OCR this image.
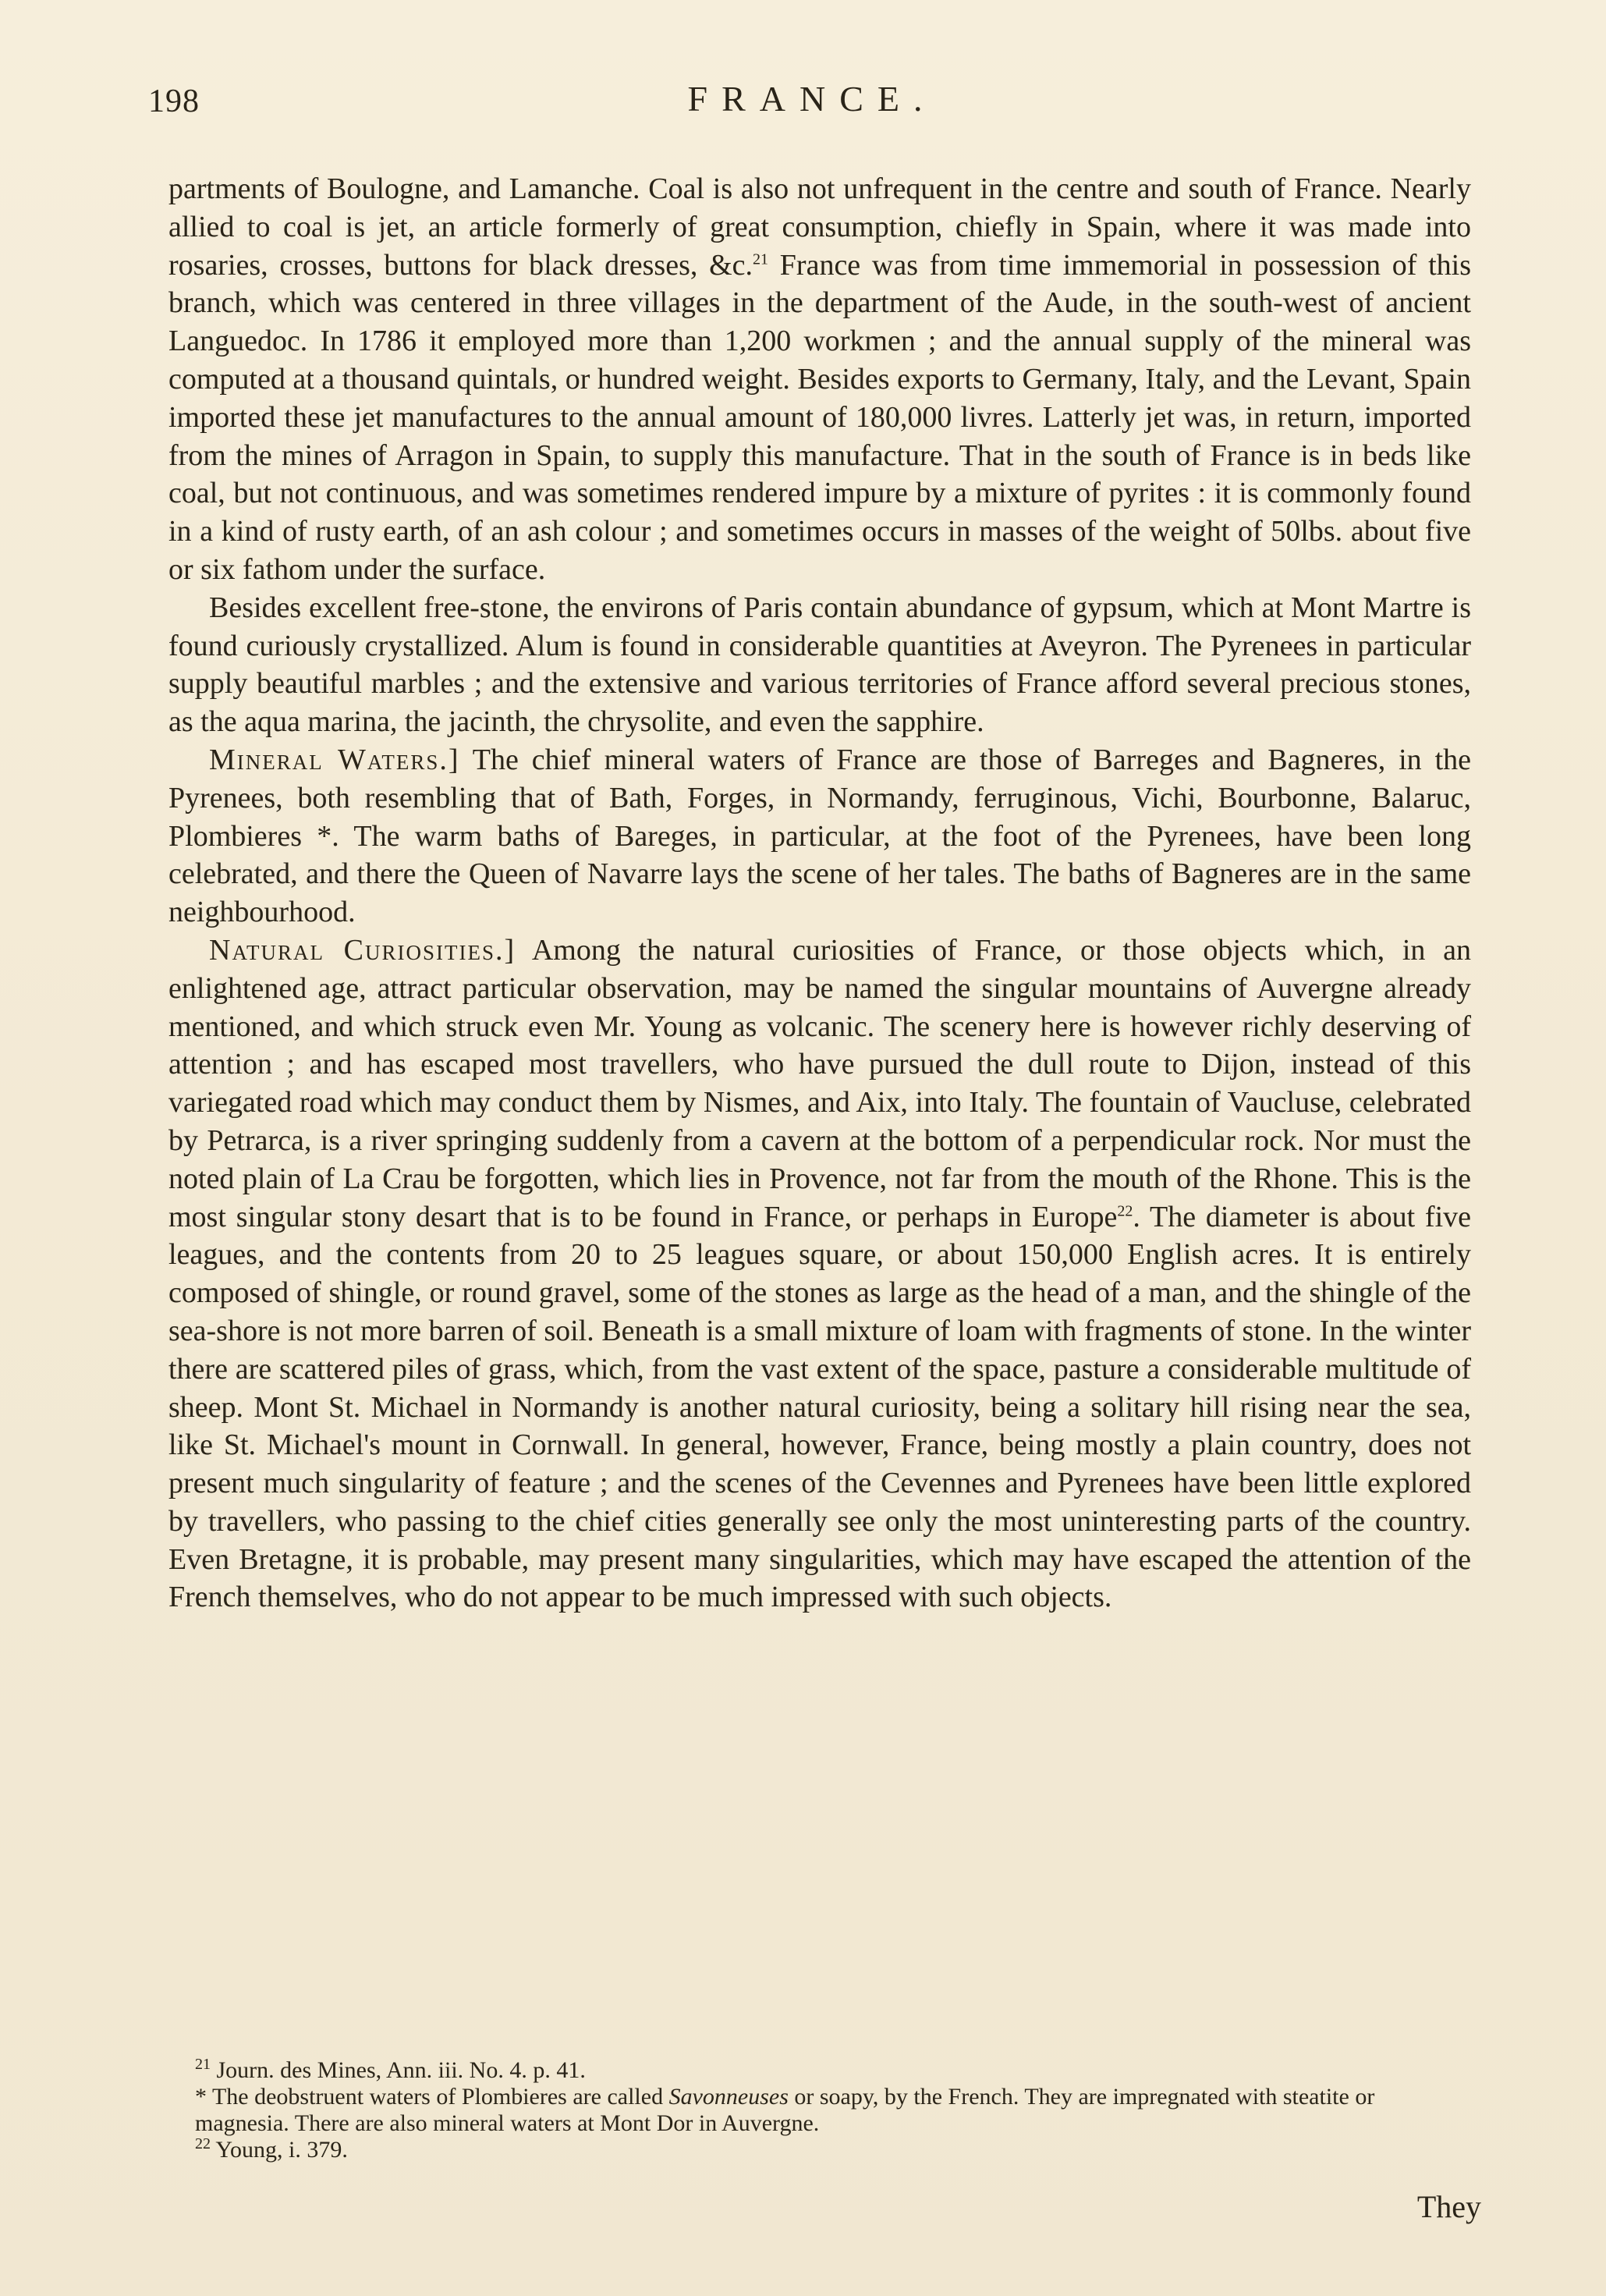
198	FRANCE.

partments of Boulogne, and Lamanche. Coal is also not unfrequent in the centre and south of France. Nearly allied to coal is jet, an article formerly of great consumption, chiefly in Spain, where it was made into rosaries, crosses, buttons for black dresses, &c.$^{21}$ France was from time immemorial in possession of this branch, which was centered in three villages in the department of the Aude, in the south-west of ancient Languedoc. In 1786 it employed more than 1,200 workmen ; and the annual supply of the mineral was computed at a thousand quintals, or hundred weight. Besides exports to Germany, Italy, and the Levant, Spain imported these jet manufactures to the annual amount of 180,000 livres. Latterly jet was, in return, imported from the mines of Arragon in Spain, to supply this manufacture. That in the south of France is in beds like coal, but not continuous, and was sometimes rendered impure by a mixture of pyrites : it is commonly found in a kind of rusty earth, of an ash colour ; and sometimes occurs in masses of the weight of 50lbs. about five or six fathom under the surface.

Besides excellent free-stone, the environs of Paris contain abundance of gypsum, which at Mont Martre is found curiously crystallized. Alum is found in considerable quantities at Aveyron. The Pyrenees in particular supply beautiful marbles ; and the extensive and various territories of France afford several precious stones, as the aqua marina, the jacinth, the chrysolite, and even the sapphire.

Mineral Waters.] The chief mineral waters of France are those of Barreges and Bagneres, in the Pyrenees, both resembling that of Bath, Forges, in Normandy, ferruginous, Vichi, Bourbonne, Balaruc, Plombieres *. The warm baths of Bareges, in particular, at the foot of the Pyrenees, have been long celebrated, and there the Queen of Navarre lays the scene of her tales. The baths of Bagneres are in the same neighbourhood.

Natural Curiosities.] Among the natural curiosities of France, or those objects which, in an enlightened age, attract particular observation, may be named the singular mountains of Auvergne already mentioned, and which struck even Mr. Young as volcanic. The scenery here is however richly deserving of attention ; and has escaped most travellers, who have pursued the dull route to Dijon, instead of this variegated road which may conduct them by Nismes, and Aix, into Italy. The fountain of Vaucluse, celebrated by Petrarca, is a river springing suddenly from a cavern at the bottom of a perpendicular rock. Nor must the noted plain of La Crau be forgotten, which lies in Provence, not far from the mouth of the Rhone. This is the most singular stony desart that is to be found in France, or perhaps in Europe$^{22}$. The diameter is about five leagues, and the contents from 20 to 25 leagues square, or about 150,000 English acres. It is entirely composed of shingle, or round gravel, some of the stones as large as the head of a man, and the shingle of the sea-shore is not more barren of soil. Beneath is a small mixture of loam with fragments of stone. In the winter there are scattered piles of grass, which, from the vast extent of the space, pasture a considerable multitude of sheep. Mont St. Michael in Normandy is another natural curiosity, being a solitary hill rising near the sea, like St. Michael's mount in Cornwall. In general, however, France, being mostly a plain country, does not present much singularity of feature ; and the scenes of the Cevennes and Pyrenees have been little explored by travellers, who passing to the chief cities generally see only the most uninteresting parts of the country. Even Bretagne, it is probable, may present many singularities, which may have escaped the attention of the French themselves, who do not appear to be much impressed with such objects.

$^{21}$ Journ. des Mines, Ann. iii. No. 4. p. 41.
* The deobstruent waters of Plombieres are called Savonneuses or soapy, by the French. They are impregnated with steatite or magnesia. There are also mineral waters at Mont Dor in Auvergne.
$^{22}$ Young, i. 379.
They
